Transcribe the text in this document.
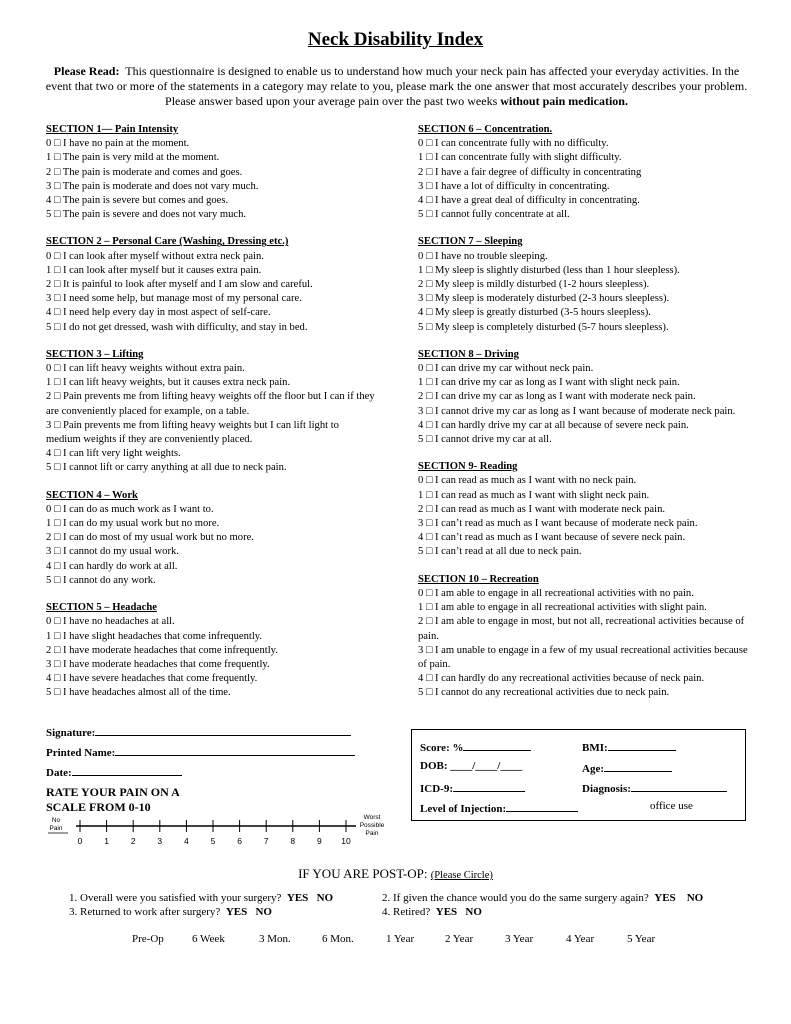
Neck Disability Index
Please Read: This questionnaire is designed to enable us to understand how much your neck pain has affected your everyday activities. In the event that two or more of the statements in a category may relate to you, please mark the one answer that most accurately describes your problem. Please answer based upon your average pain over the past two weeks without pain medication.
SECTION 1— Pain Intensity
0 □ I have no pain at the moment.
1 □ The pain is very mild at the moment.
2 □ The pain is moderate and comes and goes.
3 □ The pain is moderate and does not vary much.
4 □ The pain is severe but comes and goes.
5 □ The pain is severe and does not vary much.
SECTION 2 – Personal Care (Washing, Dressing etc.)
0 □ I can look after myself without extra neck pain.
1 □ I can look after myself but it causes extra pain.
2 □ It is painful to look after myself and I am slow and careful.
3 □ I need some help, but manage most of my personal care.
4 □ I need help every day in most aspect of self-care.
5 □ I do not get dressed, wash with difficulty, and stay in bed.
SECTION 3 – Lifting
0 □ I can lift heavy weights without extra pain.
1 □ I can lift heavy weights, but it causes extra neck pain.
2 □ Pain prevents me from lifting heavy weights off the floor but I can if they are conveniently placed for example, on a table.
3 □ Pain prevents me from lifting heavy weights but I can lift light to medium weights if they are conveniently placed.
4 □ I can lift very light weights.
5 □ I cannot lift or carry anything at all due to neck pain.
SECTION 4 – Work
0 □ I can do as much work as I want to.
1 □ I can do my usual work but no more.
2 □ I can do most of my usual work but no more.
3 □ I cannot do my usual work.
4 □ I can hardly do work at all.
5 □ I cannot do any work.
SECTION 5 – Headache
0 □ I have no headaches at all.
1 □ I have slight headaches that come infrequently.
2 □ I have moderate headaches that come infrequently.
3 □ I have moderate headaches that come frequently.
4 □ I have severe headaches that come frequently.
5 □ I have headaches almost all of the time.
SECTION 6 – Concentration.
0 □ I can concentrate fully with no difficulty.
1 □ I can concentrate fully with slight difficulty.
2 □ I have a fair degree of difficulty in concentrating
3 □ I have a lot of difficulty in concentrating.
4 □ I have a great deal of difficulty in concentrating.
5 □ I cannot fully concentrate at all.
SECTION 7 – Sleeping
0 □ I have no trouble sleeping.
1 □ My sleep is slightly disturbed (less than 1 hour sleepless).
2 □ My sleep is mildly disturbed (1-2 hours sleepless).
3 □ My sleep is moderately disturbed (2-3 hours sleepless).
4 □ My sleep is greatly disturbed (3-5 hours sleepless).
5 □ My sleep is completely disturbed (5-7 hours sleepless).
SECTION 8 – Driving
0 □ I can drive my car without neck pain.
1 □ I can drive my car as long as I want with slight neck pain.
2 □ I can drive my car as long as I want with moderate neck pain.
3 □ I cannot drive my car as long as I want because of moderate neck pain.
4 □ I can hardly drive my car at all because of severe neck pain.
5 □ I cannot drive my car at all.
SECTION 9- Reading
0 □ I can read as much as I want with no neck pain.
1 □ I can read as much as I want with slight neck pain.
2 □ I can read as much as I want with moderate neck pain.
3 □ I can’t read as much as I want because of moderate neck pain.
4 □ I can’t read as much as I want because of severe neck pain.
5 □ I can’t read at all due to neck pain.
SECTION 10 – Recreation
0 □ I am able to engage in all recreational activities with no pain.
1 □ I am able to engage in all recreational activities with slight pain.
2 □ I am able to engage in most, but not all, recreational activities because of pain.
3 □ I am unable to engage in a few of my usual recreational activities because of pain.
4 □ I can hardly do any recreational activities because of neck pain.
5 □ I cannot do any recreational activities due to neck pain.
Signature:
Printed Name:
Date:
RATE YOUR PAIN ON A
SCALE FROM 0-10
No
Pain
0	1	2	3	4	5	6	7	8	9 10
Worst
Possible
Pain
Score: %	BMI:
DOB: ____/____/____	Age:
ICD-9:	Diagnosis:
Level of Injection:	office use
IF YOU ARE POST-OP: (Please Circle)
1. Overall were you satisfied with your surgery? YES NO	2. If given the chance would you do the same surgery again? YES NO
3. Returned to work after surgery? YES NO	4. Retired? YES NO
Pre-Op	6 Week	3 Mon.	6 Mon.	1 Year	2 Year	3 Year	4 Year	5 Year
